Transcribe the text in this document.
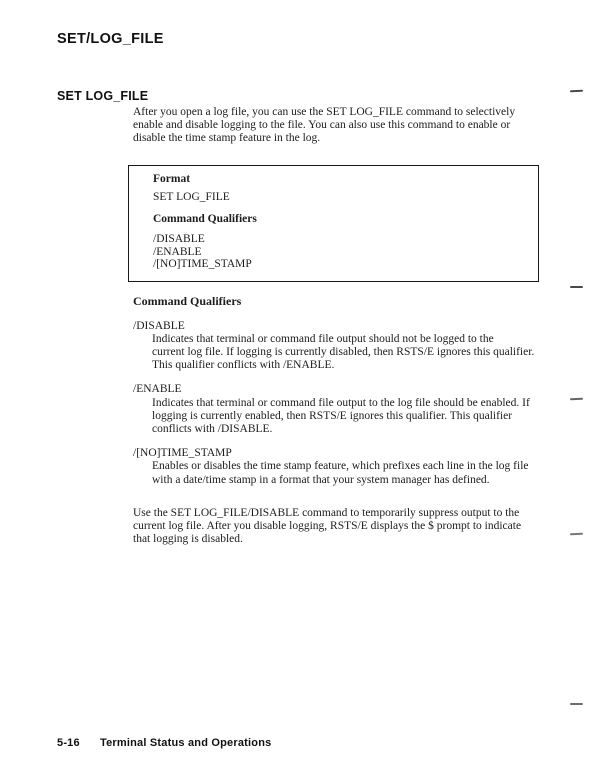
SET/LOG_FILE
SET LOG_FILE
After you open a log file, you can use the SET LOG_FILE command to selectively
enable and disable logging to the file. You can also use this command to enable or
disable the time stamp feature in the log.
Format
SET LOG_FILE
Command Qualifiers
/DISABLE
/ENABLE
/[NO]TIME_STAMP
Command Qualifiers
/DISABLE
Indicates that terminal or command file output should not be logged to the
current log file. If logging is currently disabled, then RSTS/E ignores this qualifier.
This qualifier conflicts with /ENABLE.
/ENABLE
Indicates that terminal or command file output to the log file should be enabled. If
logging is currently enabled, then RSTS/E ignores this qualifier. This qualifier
conflicts with /DISABLE.
/[NO]TIME_STAMP
Enables or disables the time stamp feature, which prefixes each line in the log file
with a date/time stamp in a format that your system manager has defined.
Use the SET LOG_FILE/DISABLE command to temporarily suppress output to the
current log file. After you disable logging, RSTS/E displays the $ prompt to indicate
that logging is disabled.
5-16	Terminal Status and Operations
